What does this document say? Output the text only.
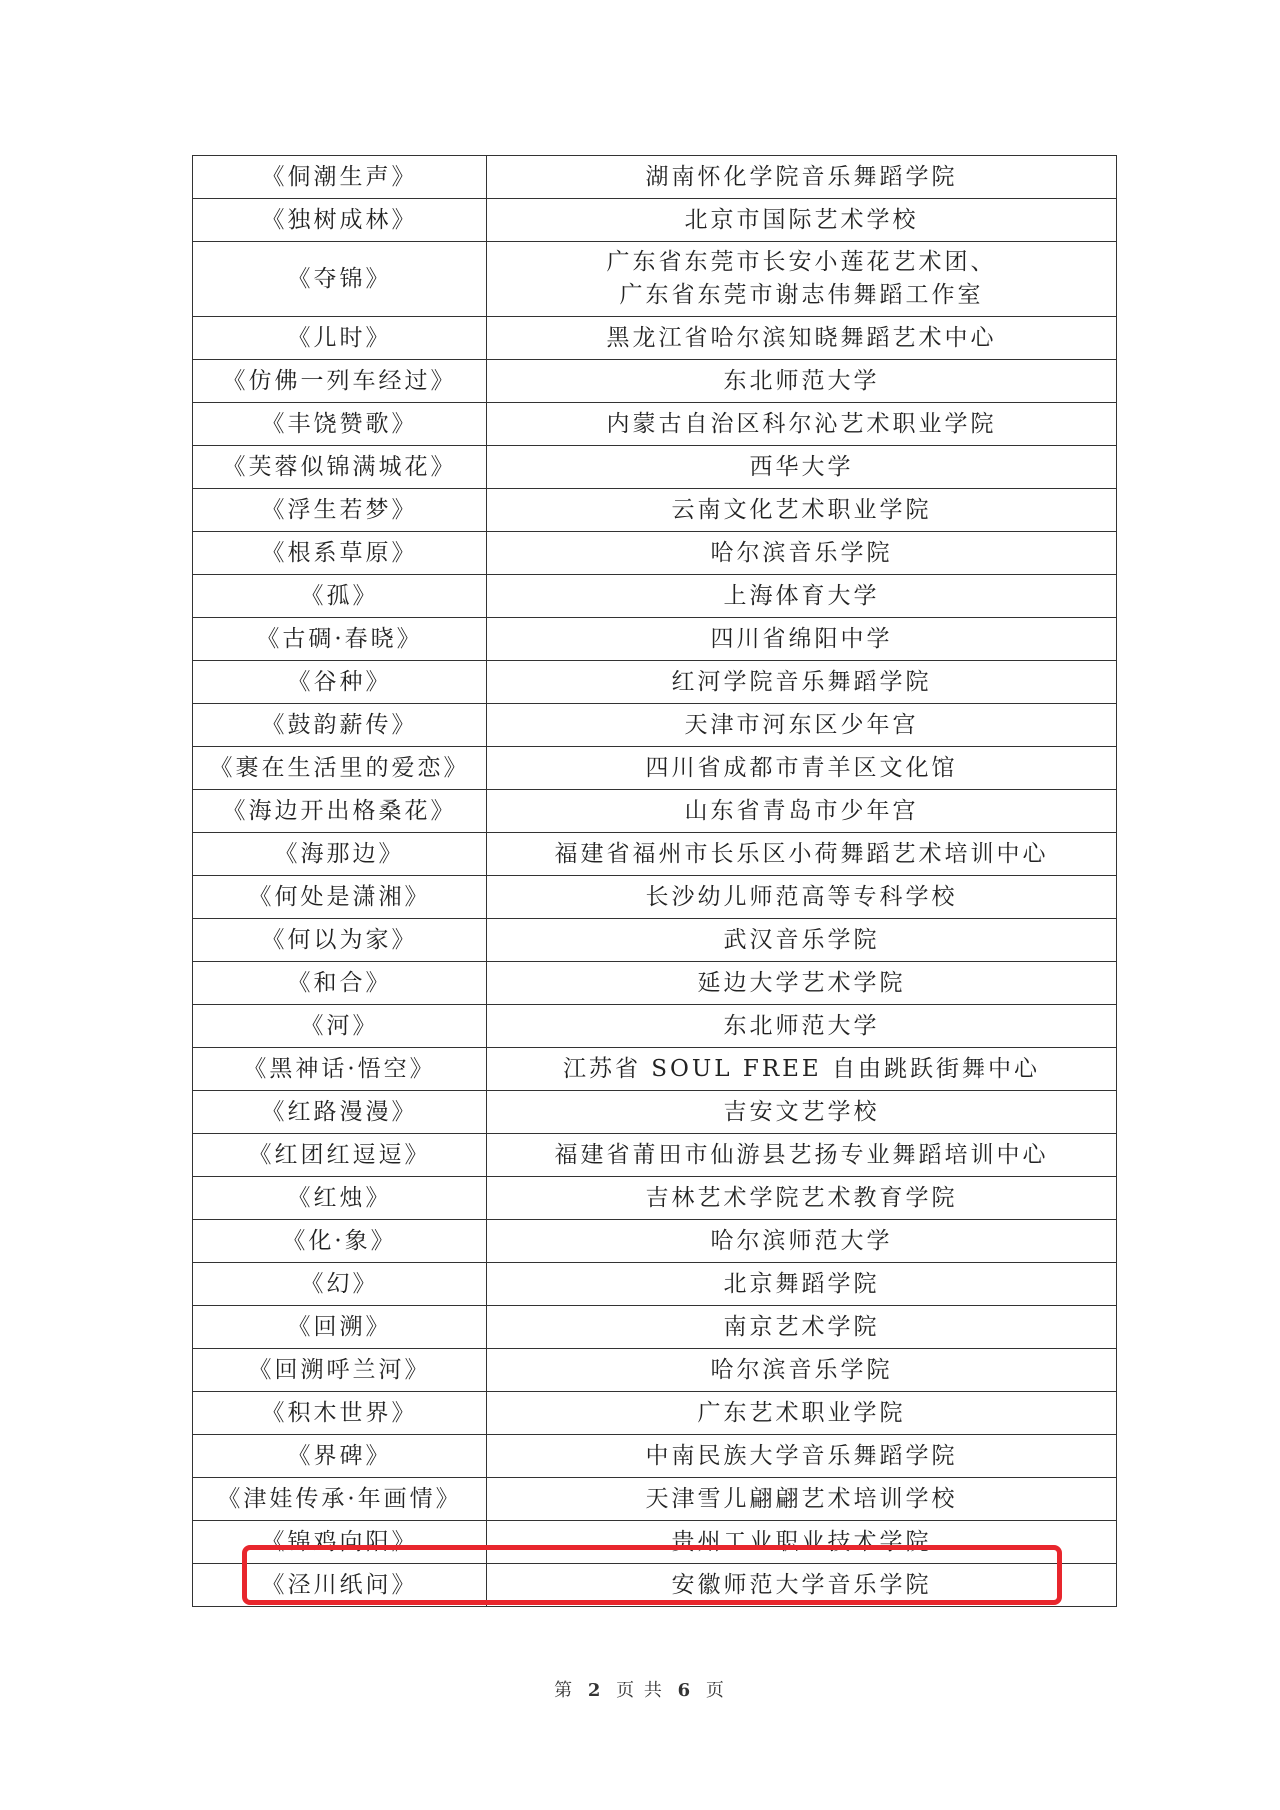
《侗潮生声》	湖南怀化学院音乐舞蹈学院

《独树成林》	北京市国际艺术学校

《夺锦》	广东省东莞市长安小莲花艺术团、
广东省东莞市谢志伟舞蹈工作室

《儿时》	黑龙江省哈尔滨知晓舞蹈艺术中心

《仿佛一列车经过》	东北师范大学

《丰饶赞歌》	内蒙古自治区科尔沁艺术职业学院

《芙蓉似锦满城花》	西华大学

《浮生若梦》	云南文化艺术职业学院

《根系草原》	哈尔滨音乐学院

《孤》	上海体育大学

《古碉·春晓》	四川省绵阳中学

《谷种》	红河学院音乐舞蹈学院

《鼓韵薪传》	天津市河东区少年宫

《裹在生活里的爱恋》	四川省成都市青羊区文化馆

《海边开出格桑花》	山东省青岛市少年宫

《海那边》	福建省福州市长乐区小荷舞蹈艺术培训中心

《何处是潇湘》	长沙幼儿师范高等专科学校

《何以为家》	武汉音乐学院

《和合》	延边大学艺术学院

《河》	东北师范大学

《黑神话·悟空》	江苏省 SOUL FREE 自由跳跃街舞中心

《红路漫漫》	吉安文艺学校

《红团红逗逗》	福建省莆田市仙游县艺扬专业舞蹈培训中心

《红烛》	吉林艺术学院艺术教育学院

《化·象》	哈尔滨师范大学

《幻》	北京舞蹈学院

《回溯》	南京艺术学院

《回溯呼兰河》	哈尔滨音乐学院

《积木世界》	广东艺术职业学院

《界碑》	中南民族大学音乐舞蹈学院

《津娃传承·年画情》	天津雪儿翩翩艺术培训学校

《锦鸡向阳》	贵州工业职业技术学院

《泾川纸问》	安徽师范大学音乐学院
第 2 页 共 6 页
